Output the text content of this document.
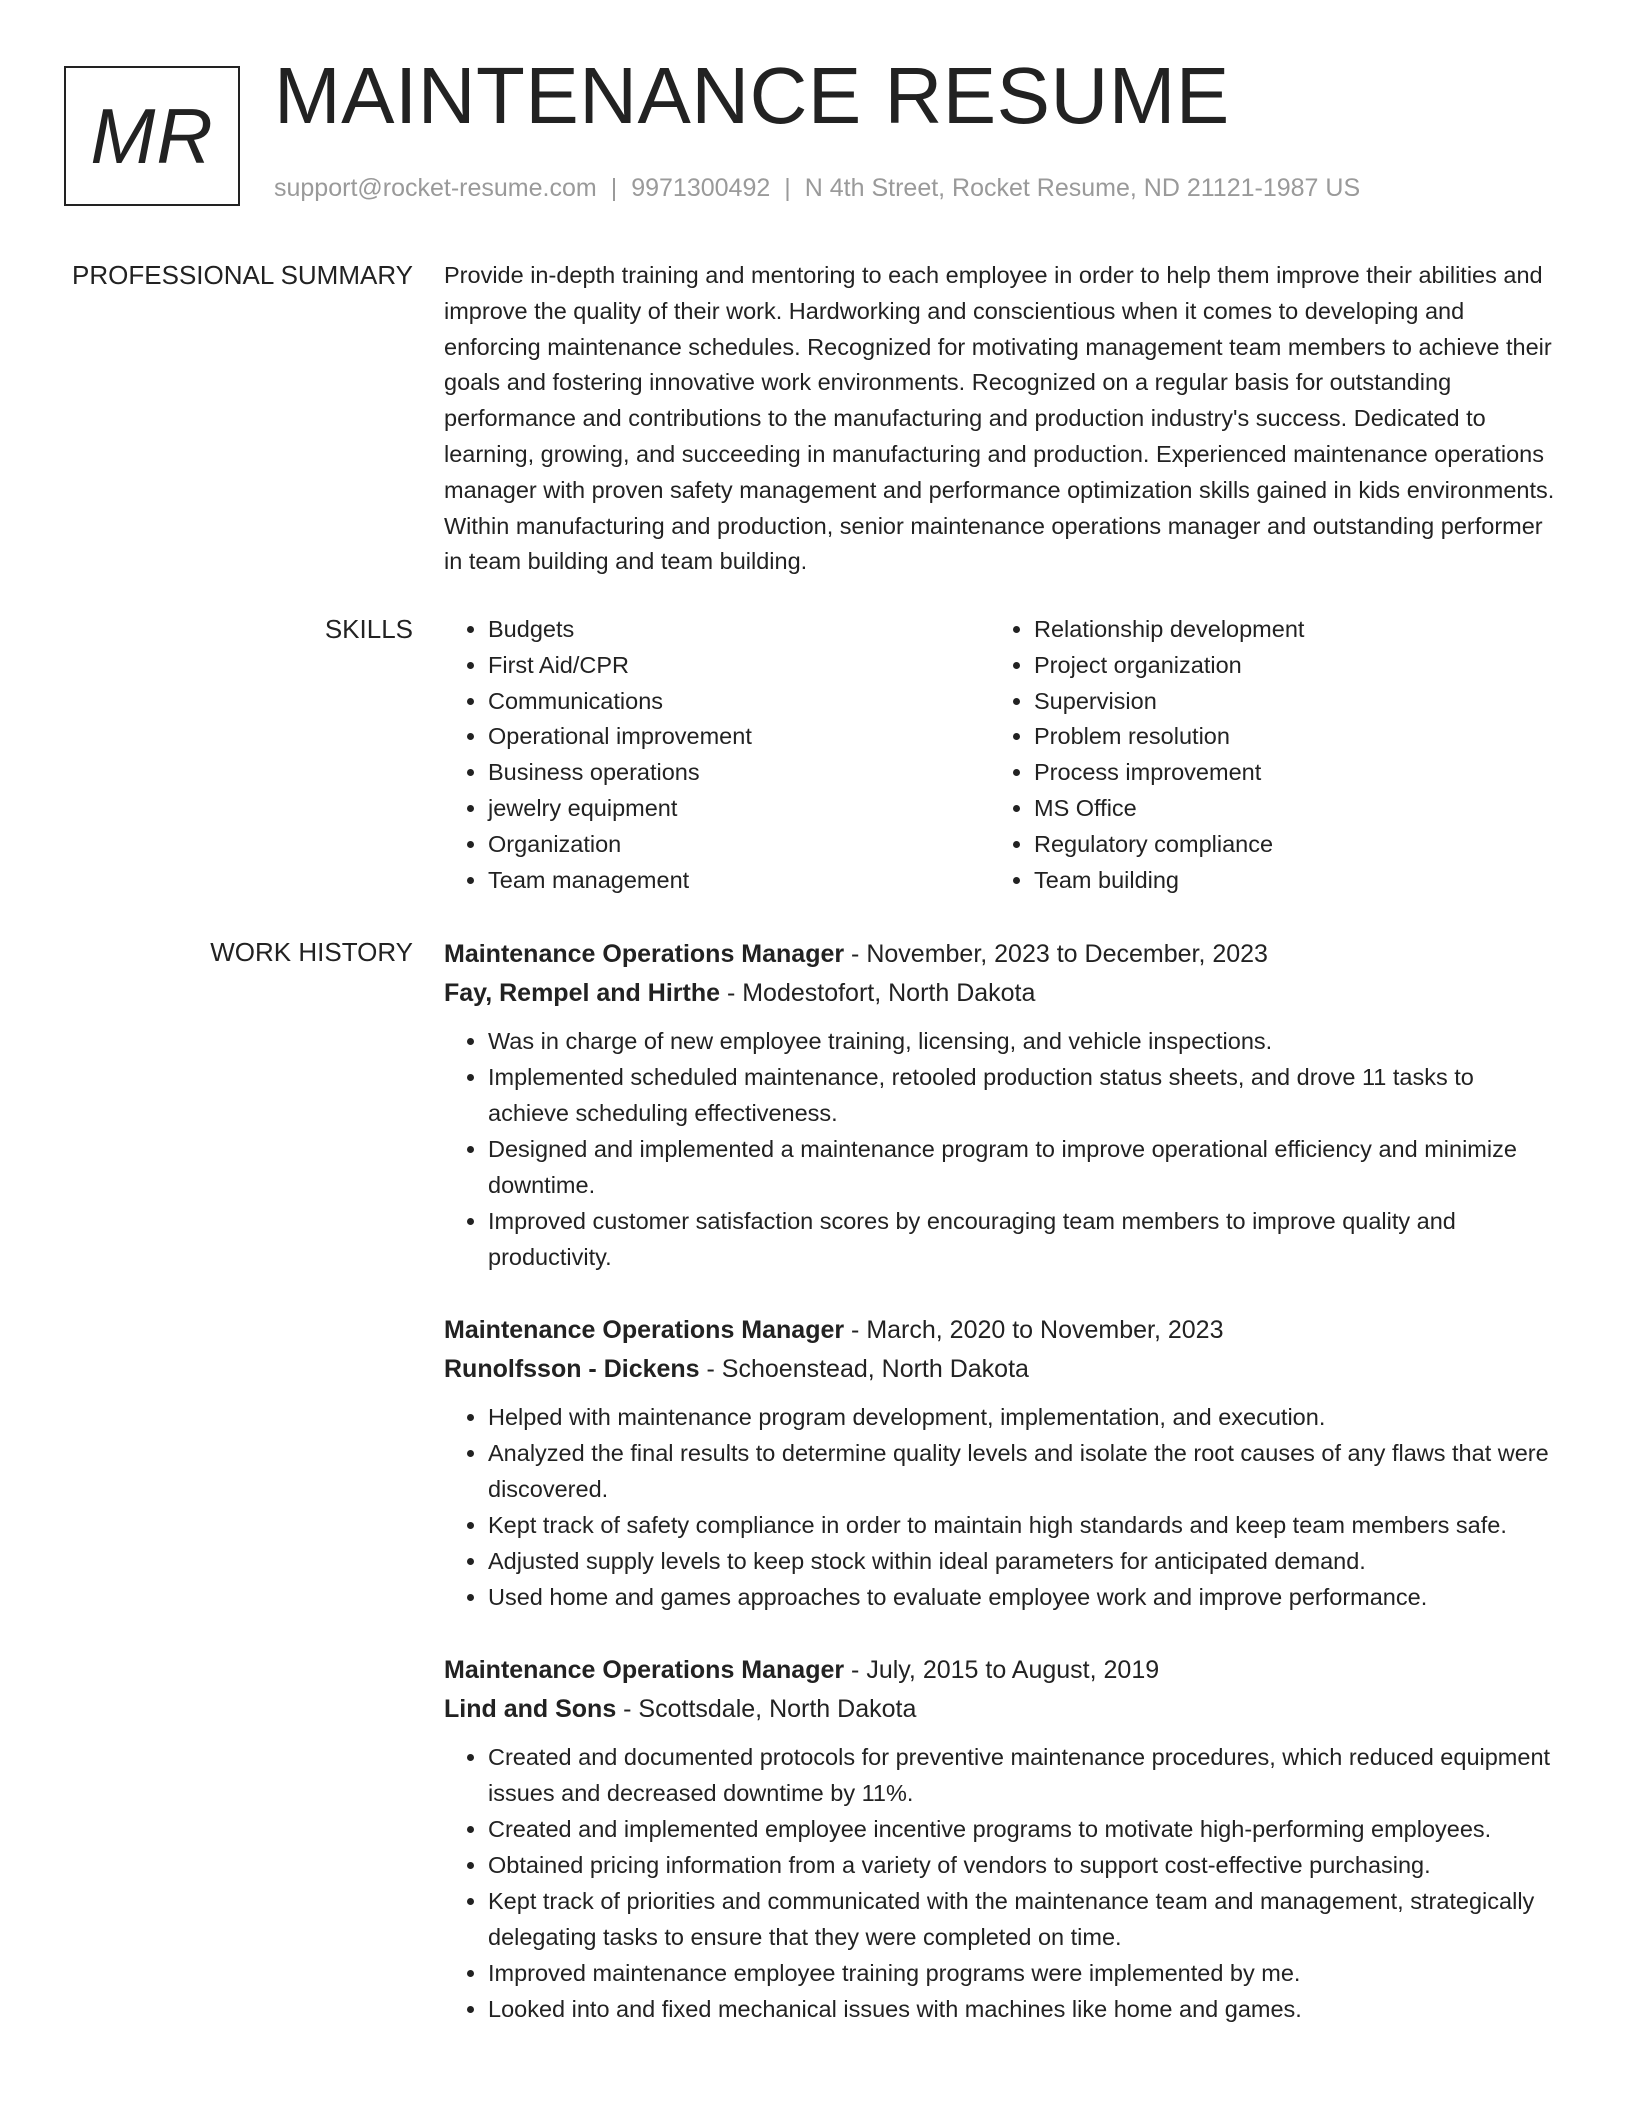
MR MAINTENANCE RESUME
support@rocket-resume.com | 9971300492 | N 4th Street, Rocket Resume, ND 21121-1987 US
PROFESSIONAL SUMMARY Provide in-depth training and mentoring to each employee in order to help them improve their abilities and improve the quality of their work. Hardworking and conscientious when it comes to developing and enforcing maintenance schedules. Recognized for motivating management team members to achieve their goals and fostering innovative work environments. Recognized on a regular basis for outstanding performance and contributions to the manufacturing and production industry's success. Dedicated to learning, growing, and succeeding in manufacturing and production. Experienced maintenance operations manager with proven safety management and performance optimization skills gained in kids environments. Within manufacturing and production, senior maintenance operations manager and outstanding performer in team building and team building.

SKILLS
•	Budgets
• First Aid/CPR
• Communications
• Operational improvement
• Business operations
• jewelry equipment
• Organization
• Team management
• Relationship development
• Project organization
• Supervision
• Problem resolution
• Process improvement
• MS Office
• Regulatory compliance
• Team building
WORK HISTORY Maintenance Operations Manager - November, 2023 to December, 2023
Fay, Rempel and Hirthe - Modestofort, North Dakota
• Was in charge of new employee training, licensing, and vehicle inspections.
• Implemented scheduled maintenance, retooled production status sheets, and drove 11 tasks to achieve scheduling effectiveness.
• Designed and implemented a maintenance program to improve operational efficiency and minimize downtime.
• Improved customer satisfaction scores by encouraging team members to improve quality and productivity.
Maintenance Operations Manager - March, 2020 to November, 2023
Runolfsson - Dickens - Schoenstead, North Dakota
• Helped with maintenance program development, implementation, and execution.
• Analyzed the final results to determine quality levels and isolate the root causes of any flaws that were discovered.
• Kept track of safety compliance in order to maintain high standards and keep team members safe.
• Adjusted supply levels to keep stock within ideal parameters for anticipated demand.
• Used home and games approaches to evaluate employee work and improve performance.
Maintenance Operations Manager - July, 2015 to August, 2019
Lind and Sons - Scottsdale, North Dakota
• Created and documented protocols for preventive maintenance procedures, which reduced equipment issues and decreased downtime by 11%.
• Created and implemented employee incentive programs to motivate high-performing employees.
• Obtained pricing information from a variety of vendors to support cost-effective purchasing.
• Kept track of priorities and communicated with the maintenance team and management, strategically delegating tasks to ensure that they were completed on time.
• Improved maintenance employee training programs were implemented by me.
• Looked into and fixed mechanical issues with machines like home and games.
